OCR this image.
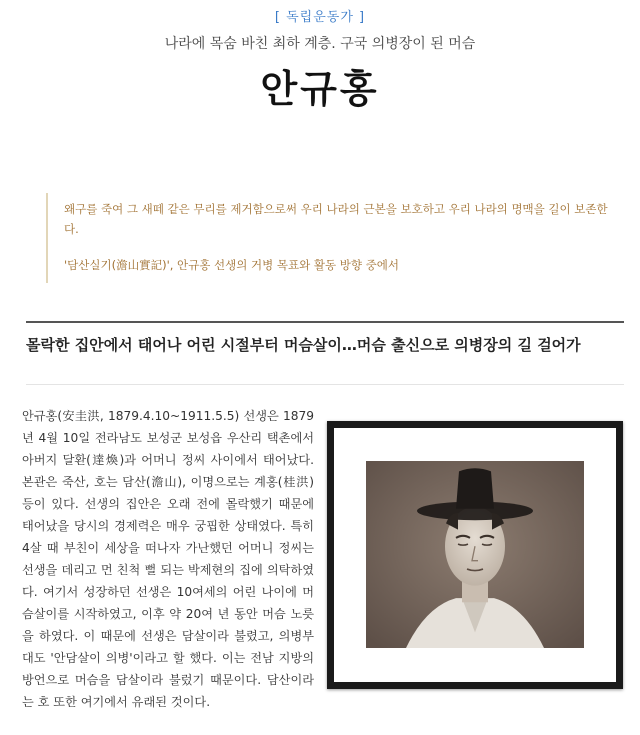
[ 독립운동가 ]
나라에 목숨 바친 최하 계층. 구국 의병장이 된 머슴
안규홍

왜구를 죽여 그 새떼 같은 무리를 제거함으로써 우리 나라의 근본을 보호하고 우리 나라의 명맥을 길이 보존한다.

'담산실기(澹山實記)', 안규홍 선생의 거병 목표와 활동 방향 중에서
몰락한 집안에서 태어나 어린 시절부터 머슴살이…머슴 출신으로 의병장의 길 걸어가

안규홍(安圭洪, 1879.4.10~1911.5.5) 선생은 1879년 4월 10일 전라남도 보성군 보성읍 우산리 택촌에서 아버지 달환(達煥)과 어머니 정씨 사이에서 태어났다. 본관은 죽산, 호는 담산(澹山), 이명으로는 계홍(桂洪) 등이 있다. 선생의 집안은 오래 전에 몰락했기 때문에 태어났을 당시의 경제력은 매우 궁핍한 상태였다. 특히 4살 때 부친이 세상을 떠나자 가난했던 어머니 정씨는 선생을 데리고 먼 친척 뻘 되는 박제현의 집에 의탁하였다. 여기서 성장하던 선생은 10여세의 어린 나이에 머슴살이를 시작하였고, 이후 약 20여 년 동안 머슴 노릇을 하였다. 이 때문에 선생은 담살이라 불렸고, 의병부대도 '안담살이 의병'이라고 할 했다. 이는 전남 지방의 방언으로 머슴을 담살이라 불렀기 때문이다. 담산이라는 호 또한 여기에서 유래된 것이다.
